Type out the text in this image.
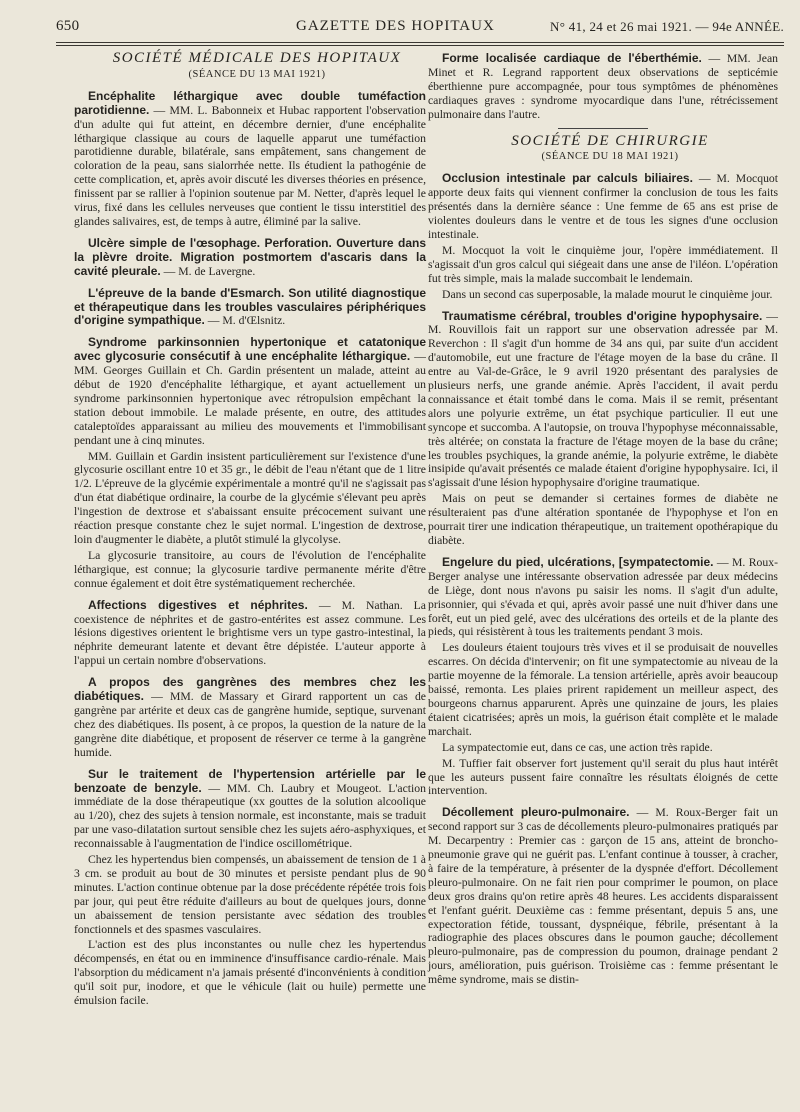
650	GAZETTE DES HOPITAUX	N° 41, 24 et 26 mai 1921. — 94e ANNÉE.

SOCIÉTÉ MÉDICALE DES HOPITAUX

(SÉANCE DU 13 MAI 1921)

Encéphalite léthargique avec double tuméfaction parotidienne. — MM. L. Babonneix et Hubac rapportent l'observation d'un adulte qui fut atteint, en décembre dernier, d'une encéphalite léthargique classique au cours de laquelle apparut une tuméfaction parotidienne durable, bilatérale, sans empâtement, sans changement de coloration de la peau, sans sialorrhée nette. Ils étudient la pathogénie de cette complication, et, après avoir discuté les diverses théories en présence, finissent par se rallier à l'opinion soutenue par M. Netter, d'après lequel le virus, fixé dans les cellules nerveuses que contient le tissu interstitiel des glandes salivaires, est, de temps à autre, éliminé par la salive.

Ulcère simple de l'œsophage. Perforation. Ouverture dans la plèvre droite. Migration postmortem d'ascaris dans la cavité pleurale. — M. de Lavergne.

L'épreuve de la bande d'Esmarch. Son utilité diagnostique et thérapeutique dans les troubles vasculaires périphériques d'origine sympathique. — M. d'Œlsnitz.

Syndrome parkinsonnien hypertonique et catatonique avec glycosurie consécutif à une encéphalite léthargique. — MM. Georges Guillain et Ch. Gardin présentent un malade, atteint au début de 1920 d'encéphalite léthargique, et ayant actuellement un syndrome parkinsonnien hypertonique avec rétropulsion empêchant la station debout immobile. Le malade présente, en outre, des attitudes cataleptoïdes apparaissant au milieu des mouvements et l'immobilisant pendant une à cinq minutes.

MM. Guillain et Gardin insistent particulièrement sur l'existence d'une glycosurie oscillant entre 10 et 35 gr., le débit de l'eau n'étant que de 1 litre 1/2. L'épreuve de la glycémie expérimentale a montré qu'il ne s'agissait pas d'un état diabétique ordinaire, la courbe de la glycémie s'élevant peu après l'ingestion de dextrose et s'abaissant ensuite précocement suivant une réaction presque constante chez le sujet normal. L'ingestion de dextrose, loin d'augmenter le diabète, a plutôt stimulé la glycolyse.

La glycosurie transitoire, au cours de l'évolution de l'encéphalite léthargique, est connue; la glycosurie tardive permanente mérite d'être connue également et doit être systématiquement recherchée.

Affections digestives et néphrites. — M. Nathan. La coexistence de néphrites et de gastro-entérites est assez commune. Les lésions digestives orientent le brightisme vers un type gastro-intestinal, la néphrite demeurant latente et devant être dépistée. L'auteur apporte à l'appui un certain nombre d'observations.

A propos des gangrènes des membres chez les diabétiques. — MM. de Massary et Girard rapportent un cas de gangrène par artérite et deux cas de gangrène humide, septique, survenant chez des diabétiques. Ils posent, à ce propos, la question de la nature de la gangrène dite diabétique, et proposent de réserver ce terme à la gangrène humide.

Sur le traitement de l'hypertension artérielle par le benzoate de benzyle. — MM. Ch. Laubry et Mougeot. L'action immédiate de la dose thérapeutique (xx gouttes de la solution alcoolique au 1/20), chez des sujets à tension normale, est inconstante, mais se traduit par une vaso-dilatation surtout sensible chez les sujets aéro-asphyxiques, et reconnaissable à l'augmentation de l'indice oscillométrique.

Chez les hypertendus bien compensés, un abaissement de tension de 1 à 3 cm. se produit au bout de 30 minutes et persiste pendant plus de 90 minutes. L'action continue obtenue par la dose précédente répétée trois fois par jour, qui peut être réduite d'ailleurs au bout de quelques jours, donne un abaissement de tension persistante avec sédation des troubles fonctionnels et des spasmes vasculaires.

L'action est des plus inconstantes ou nulle chez les hypertendus décompensés, en état ou en imminence d'insuffisance cardio-rénale. Mais l'absorption du médicament n'a jamais présenté d'inconvénients à condition qu'il soit pur, inodore, et que le véhicule (lait ou huile) permette une émulsion facile.

Forme localisée cardiaque de l'éberthémie. — MM. Jean Minet et R. Legrand rapportent deux observations de septicémie éberthienne pure accompagnée, pour tous symptômes de phénomènes cardiaques graves : syndrome myocardique dans l'une, rétrécissement pulmonaire dans l'autre.

SOCIÉTÉ DE CHIRURGIE

(SÉANCE DU 18 MAI 1921)

Occlusion intestinale par calculs biliaires. — M. Mocquot apporte deux faits qui viennent confirmer la conclusion de tous les faits présentés dans la dernière séance : Une femme de 65 ans est prise de violentes douleurs dans le ventre et de tous les signes d'une occlusion intestinale.

M. Mocquot la voit le cinquième jour, l'opère immédiatement. Il s'agissait d'un gros calcul qui siégeait dans une anse de l'iléon. L'opération fut très simple, mais la malade succombait le lendemain.

Dans un second cas superposable, la malade mourut le cinquième jour.

Traumatisme cérébral, troubles d'origine hypophysaire. — M. Rouvillois fait un rapport sur une observation adressée par M. Reverchon : Il s'agit d'un homme de 34 ans qui, par suite d'un accident d'automobile, eut une fracture de l'étage moyen de la base du crâne. Il entre au Val-de-Grâce, le 9 avril 1920 présentant des paralysies de plusieurs nerfs, une grande anémie. Après l'accident, il avait perdu connaissance et était tombé dans le coma. Mais il se remit, présentant alors une polyurie extrême, un état psychique particulier. Il eut une syncope et succomba. A l'autopsie, on trouva l'hypophyse méconnaissable, très altérée; on constata la fracture de l'étage moyen de la base du crâne; les troubles psychiques, la grande anémie, la polyurie extrême, le diabète insipide qu'avait présentés ce malade étaient d'origine hypophysaire. Ici, il s'agissait d'une lésion hypophysaire d'origine traumatique.

Mais on peut se demander si certaines formes de diabète ne résulteraient pas d'une altération spontanée de l'hypophyse et l'on en pourrait tirer une indication thérapeutique, un traitement opothérapique du diabète.

Engelure du pied, ulcérations, [sympatectomie. — M. Roux-Berger analyse une intéressante observation adressée par deux médecins de Liège, dont nous n'avons pu saisir les noms. Il s'agit d'un adulte, prisonnier, qui s'évada et qui, après avoir passé une nuit d'hiver dans une forêt, eut un pied gelé, avec des ulcérations des orteils et de la plante des pieds, qui résistèrent à tous les traitements pendant 3 mois.

Les douleurs étaient toujours très vives et il se produisait de nouvelles escarres. On décida d'intervenir; on fit une sympatectomie au niveau de la partie moyenne de la fémorale. La tension artérielle, après avoir beaucoup baissé, remonta. Les plaies prirent rapidement un meilleur aspect, des bourgeons charnus apparurent. Après une quinzaine de jours, les plaies étaient cicatrisées; après un mois, la guérison était complète et le malade marchait.

La sympatectomie eut, dans ce cas, une action très rapide.

M. Tuffier fait observer fort justement qu'il serait du plus haut intérêt que les auteurs pussent faire connaître les résultats éloignés de cette intervention.

Décollement pleuro-pulmonaire. — M. Roux-Berger fait un second rapport sur 3 cas de décollements pleuro-pulmonaires pratiqués par M. Decarpentry : Premier cas : garçon de 15 ans, atteint de broncho-pneumonie grave qui ne guérit pas. L'enfant continue à tousser, à cracher, à faire de la température, à présenter de la dyspnée d'effort. Décollement pleuro-pulmonaire. On ne fait rien pour comprimer le poumon, on place deux gros drains qu'on retire après 48 heures. Les accidents disparaissent et l'enfant guérit. Deuxième cas : femme présentant, depuis 5 ans, une expectoration fétide, toussant, dyspnéique, fébrile, présentant à la radiographie des places obscures dans le poumon gauche; décollement pleuro-pulmonaire, pas de compression du poumon, drainage pendant 2 jours, amélioration, puis guérison. Troisième cas : femme présentant le même syndrome, mais se distin-
